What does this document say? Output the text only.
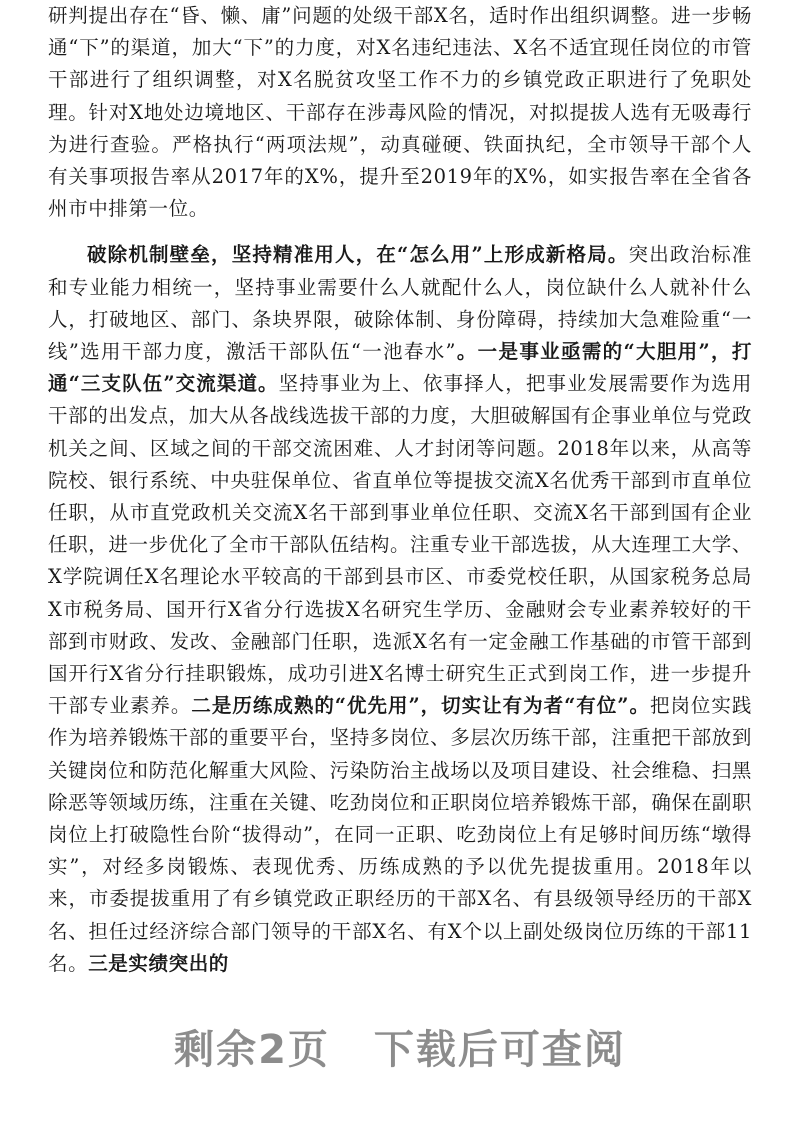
研判提出存在“昏、懒、庸”问题的处级干部X名，适时作出组织调整。进一步畅通“下”的渠道，加大“下”的力度，对X名违纪违法、X名不适宜现任岗位的市管干部进行了组织调整，对X名脱贫攻坚工作不力的乡镇党政正职进行了免职处理。针对X地处边境地区、干部存在涉毒风险的情况，对拟提拔人选有无吸毒行为进行查验。严格执行“两项法规”，动真碰硬、铁面执纪，全市领导干部个人有关事项报告率从2017年的X%，提升至2019年的X%，如实报告率在全省各州市中排第一位。

破除机制壁垒，坚持精准用人，在“怎么用”上形成新格局。突出政治标准和专业能力相统一，坚持事业需要什么人就配什么人，岗位缺什么人就补什么人，打破地区、部门、条块界限，破除体制、身份障碍，持续加大急难险重“一线”选用干部力度，激活干部队伍“一池春水”。一是事业亟需的“大胆用”，打通“三支队伍”交流渠道。坚持事业为上、依事择人，把事业发展需要作为选用干部的出发点，加大从各战线选拔干部的力度，大胆破解国有企事业单位与党政机关之间、区域之间的干部交流困难、人才封闭等问题。2018年以来，从高等院校、银行系统、中央驻保单位、省直单位等提拔交流X名优秀干部到市直单位任职，从市直党政机关交流X名干部到事业单位任职、交流X名干部到国有企业任职，进一步优化了全市干部队伍结构。注重专业干部选拔，从大连理工大学、X学院调任X名理论水平较高的干部到县市区、市委党校任职，从国家税务总局X市税务局、国开行X省分行选拔X名研究生学历、金融财会专业素养较好的干部到市财政、发改、金融部门任职，选派X名有一定金融工作基础的市管干部到国开行X省分行挂职锻炼，成功引进X名博士研究生正式到岗工作，进一步提升干部专业素养。二是历练成熟的“优先用”，切实让有为者“有位”。把岗位实践作为培养锻炼干部的重要平台，坚持多岗位、多层次历练干部，注重把干部放到关键岗位和防范化解重大风险、污染防治主战场以及项目建设、社会维稳、扫黑除恶等领域历练，注重在关键、吃劲岗位和正职岗位培养锻炼干部，确保在副职岗位上打破隐性台阶“拔得动”，在同一正职、吃劲岗位上有足够时间历练“墩得实”，对经多岗锻炼、表现优秀、历练成熟的予以优先提拔重用。2018年以来，市委提拔重用了有乡镇党政正职经历的干部X名、有县级领导经历的干部X名、担任过经济综合部门领导的干部X名、有X个以上副处级岗位历练的干部11名。三是实绩突出的

剩余2页 下载后可查阅
